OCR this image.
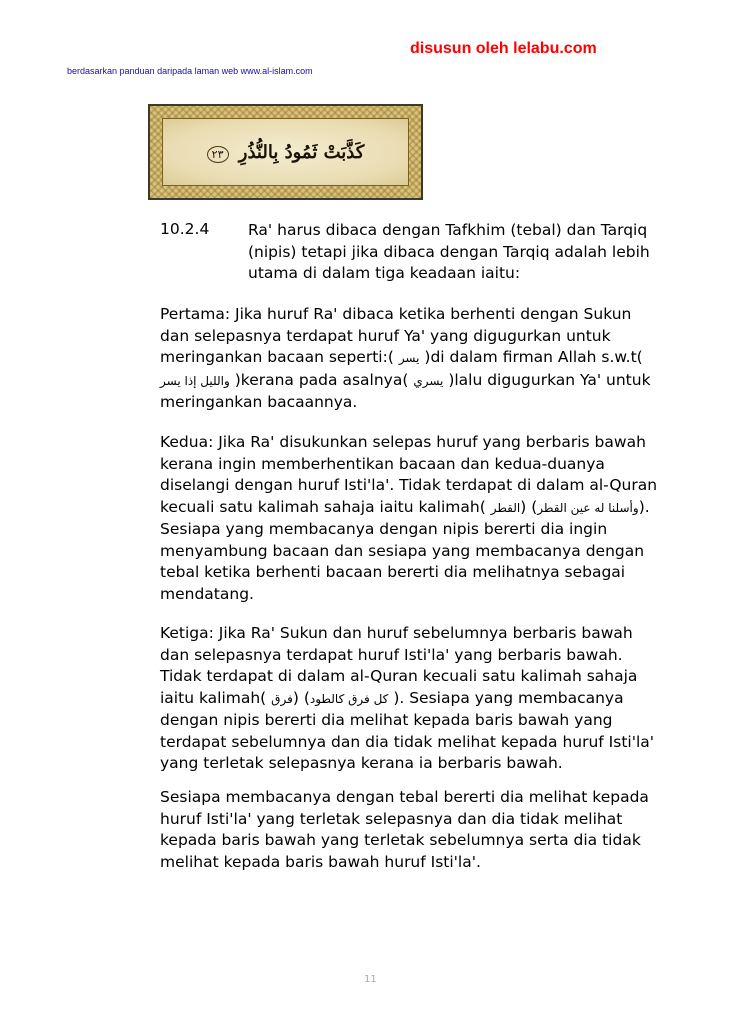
disusun oleh lelabu.com
berdasarkan panduan daripada laman web www.al-islam.com
كَذَّبَتْ ثَمُودُ بِالنُّذُرِ ٢٣
10.2.4 Ra' harus dibaca dengan Tafkhim (tebal) dan Tarqiq (nipis) tetapi jika dibaca dengan Tarqiq adalah lebih utama di dalam tiga keadaan iaitu:

Pertama: Jika huruf Ra' dibaca ketika berhenti dengan Sukun dan selepasnya terdapat huruf Ya' yang digugurkan untuk meringankan bacaan seperti:( يسر )di dalam firman Allah s.w.t( والليل إذا يسر )kerana pada asalnya( يسري )lalu digugurkan Ya' untuk meringankan bacaannya.

Kedua: Jika Ra' disukunkan selepas huruf yang berbaris bawah kerana ingin memberhentikan bacaan dan kedua-duanya diselangi dengan huruf Isti'la'. Tidak terdapat di dalam al-Quran kecuali satu kalimah sahaja iaitu kalimah(	وأسلنا له عين القطر) (القطر	). Sesiapa yang membacanya dengan nipis bererti dia ingin menyambung bacaan dan sesiapa yang membacanya dengan tebal ketika berhenti bacaan bererti dia melihatnya sebagai mendatang.

Ketiga: Jika Ra' Sukun dan huruf sebelumnya berbaris bawah dan selepasnya terdapat huruf Isti'la' yang berbaris bawah. Tidak terdapat di dalam al-Quran kecuali satu kalimah sahaja iaitu kalimah(	كل فرق كالطود) (فرق	). Sesiapa yang membacanya dengan nipis bererti dia melihat kepada baris bawah yang terdapat sebelumnya dan dia tidak melihat kepada huruf Isti'la' yang terletak selepasnya kerana ia berbaris bawah.

Sesiapa membacanya dengan tebal bererti dia melihat kepada huruf Isti'la' yang terletak selepasnya dan dia tidak melihat kepada baris bawah yang terletak sebelumnya serta dia tidak melihat kepada baris bawah huruf Isti'la'.

11
